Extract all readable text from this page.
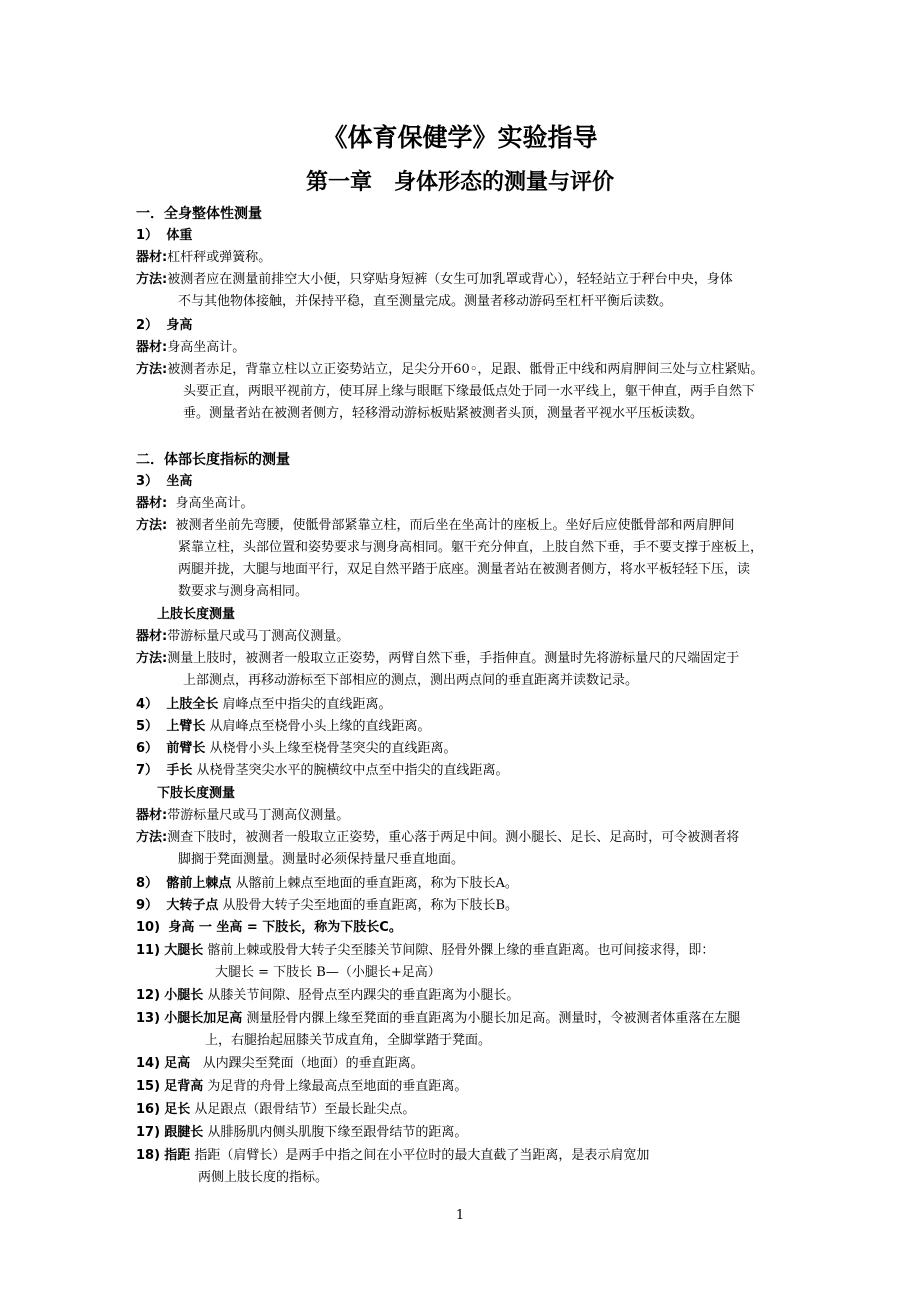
《体育保健学》实验指导
第一章　身体形态的测量与评价
一．全身整体性测量
1） 体重
器材:杠杆秤或弹簧称。
方法:被测者应在测量前排空大小便，只穿贴身短裤（女生可加乳罩或背心），轻轻站立于秤台中央，身体
不与其他物体接触，并保持平稳，直至测量完成。测量者移动游码至杠杆平衡后读数。
2） 身高
器材:身高坐高计。
方法:被测者赤足，背靠立柱以立正姿势站立，足尖分开60◦，足跟、骶骨正中线和两肩胛间三处与立柱紧贴。
头要正直，两眼平视前方，使耳屏上缘与眼眶下缘最低点处于同一水平线上，躯干伸直，两手自然下
垂。测量者站在被测者侧方，轻移滑动游标板贴紧被测者头顶，测量者平视水平压板读数。
二．体部长度指标的测量
3） 坐高
器材: 身高坐高计。
方法: 被测者坐前先弯腰，使骶骨部紧靠立柱，而后坐在坐高计的座板上。坐好后应使骶骨部和两肩胛间
紧靠立柱，头部位置和姿势要求与测身高相同。躯干充分伸直，上肢自然下垂，手不要支撑于座板上，
两腿并拢，大腿与地面平行，双足自然平踏于底座。测量者站在被测者侧方，将水平板轻轻下压，读
数要求与测身高相同。
上肢长度测量
器材:带游标量尺或马丁测高仪测量。
方法:测量上肢时，被测者一般取立正姿势，两臂自然下垂，手指伸直。测量时先将游标量尺的尺端固定于
上部测点，再移动游标至下部相应的测点，测出两点间的垂直距离并读数记录。
4） 上肢全长 肩峰点至中指尖的直线距离。
5） 上臂长 从肩峰点至桡骨小头上缘的直线距离。
6） 前臂长 从桡骨小头上缘至桡骨茎突尖的直线距离。
7） 手长 从桡骨茎突尖水平的腕横纹中点至中指尖的直线距离。
下肢长度测量
器材:带游标量尺或马丁测高仪测量。
方法:测查下肢时，被测者一般取立正姿势，重心落于两足中间。测小腿长、足长、足高时，可令被测者将
脚搁于凳面测量。测量时必须保持量尺垂直地面。
8） 髂前上棘点 从髂前上棘点至地面的垂直距离，称为下肢长A。
9） 大转子点 从股骨大转子尖至地面的垂直距离，称为下肢长B。
10) 身高 一 坐高 = 下肢长，称为下肢长C。
11) 大腿长 髂前上棘或股骨大转子尖至膝关节间隙、胫骨外髁上缘的垂直距离。也可间接求得，即：
大腿长 = 下肢长 B—（小腿长+足高）
12) 小腿长 从膝关节间隙、胫骨点至内踝尖的垂直距离为小腿长。
13) 小腿长加足高 测量胫骨内髁上缘至凳面的垂直距离为小腿长加足高。测量时，令被测者体重落在左腿
上，右腿抬起屈膝关节成直角，全脚掌踏于凳面。
14) 足高 从内踝尖至凳面（地面）的垂直距离。
15) 足背高 为足背的舟骨上缘最高点至地面的垂直距离。
16) 足长 从足跟点（跟骨结节）至最长趾尖点。
17) 跟腱长 从腓肠肌内侧头肌腹下缘至跟骨结节的距离。
18) 指距 指距（肩臂长）是两手中指之间在小平位时的最大直截了当距离，是表示肩宽加
两侧上肢长度的指标。
1
